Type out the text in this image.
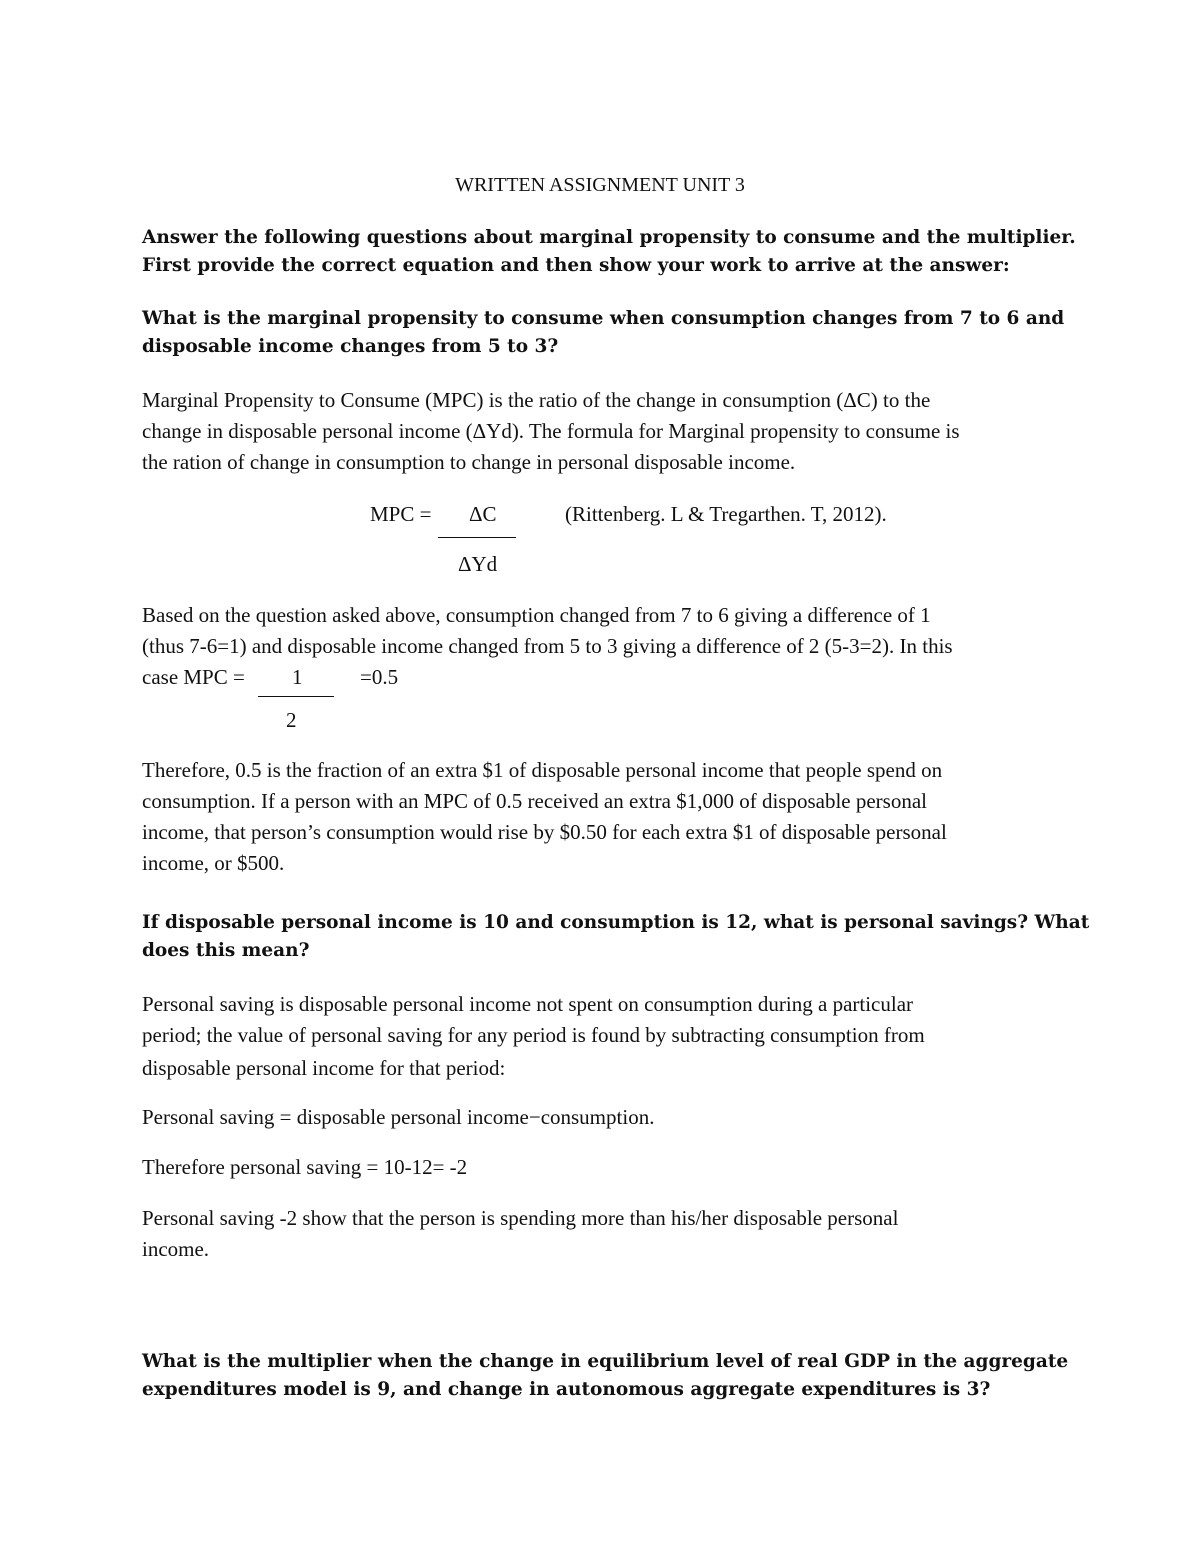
WRITTEN ASSIGNMENT UNIT 3
Answer the following questions about marginal propensity to consume and the multiplier.
First provide the correct equation and then show your work to arrive at the answer:
What is the marginal propensity to consume when consumption changes from 7 to 6 and
disposable income changes from 5 to 3?
Marginal Propensity to Consume (MPC) is the ratio of the change in consumption (ΔC) to the
change in disposable personal income (ΔYd). The formula for Marginal propensity to consume is
the ration of change in consumption to change in personal disposable income.
MPC = ΔC
ΔYd
(Rittenberg. L & Tregarthen. T, 2012).
Based on the question asked above, consumption changed from 7 to 6 giving a difference of 1
(thus 7-6=1) and disposable income changed from 5 to 3 giving a difference of 2 (5-3=2). In this
case MPC = 1	=0.5
2
Therefore, 0.5 is the fraction of an extra $1 of disposable personal income that people spend on
consumption. If a person with an MPC of 0.5 received an extra $1,000 of disposable personal
income, that person’s consumption would rise by $0.50 for each extra $1 of disposable personal
income, or $500.
If disposable personal income is 10 and consumption is 12, what is personal savings? What
does this mean?
Personal saving is disposable personal income not spent on consumption during a particular
period; the value of personal saving for any period is found by subtracting consumption from
disposable personal income for that period:
Personal saving = disposable personal income−consumption.
Therefore personal saving = 10-12= -2
Personal saving -2 show that the person is spending more than his/her disposable personal
income.
What is the multiplier when the change in equilibrium level of real GDP in the aggregate
expenditures model is 9, and change in autonomous aggregate expenditures is 3?
